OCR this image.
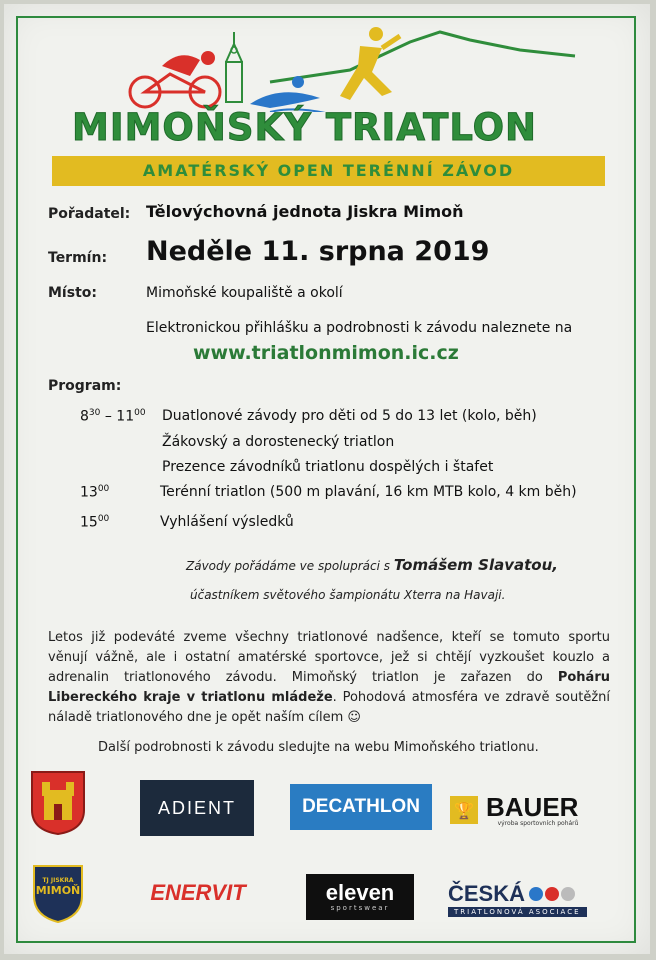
MIMOŇSKÝ TRIATLON
AMATÉRSKÝ OPEN TERÉNNÍ ZÁVOD
Pořadatel: Tělovýchovná jednota Jiskra Mimoň
Termín: Neděle 11. srpna 2019
Místo:	Mimoňské koupaliště a okolí
Elektronickou přihlášku a podrobnosti k závodu naleznete na
www.triatlonmimon.ic.cz
Program:
$8^{30} - 11^{00}$ Duatlonové závody pro děti od 5 do 13 let (kolo, běh)
Žákovský a dorostenecký triatlon
Prezence závodníků triatlonu dospělých i štafet
$13^{00}$	Terénní triatlon (500 m plavání, 16 km MTB kolo, 4 km běh)
$15^{00}$	Vyhlášení výsledků
Závody pořádáme ve spolupráci s Tomášem Slavatou,
účastníkem světového šampionátu Xterra na Havaji.
Letos již podeváté zveme všechny triatlonové nadšence, kteří se tomuto sportu věnují vážně, ale i ostatní amatérské sportovce, jež si chtějí vyzkoušet kouzlo a adrenalin triatlonového závodu. Mimoňský triatlon je zařazen do Poháru Libereckého kraje v triatlonu mládeže. Pohodová atmosféra ve zdravě soutěžní náladě triatlonového dne je opět naším cílem ☺
Další podrobnosti k závodu sledujte na webu Mimoňského triatlonu.
ADIENT	DECATHLON 🏆 BAUER
výroba sportovních pohárů
TJ JISKRA
MIMOŇ	ENERVIT	eleven
sportswear
ČESKÁ
TRIATLONOVÁ ASOCIACE
